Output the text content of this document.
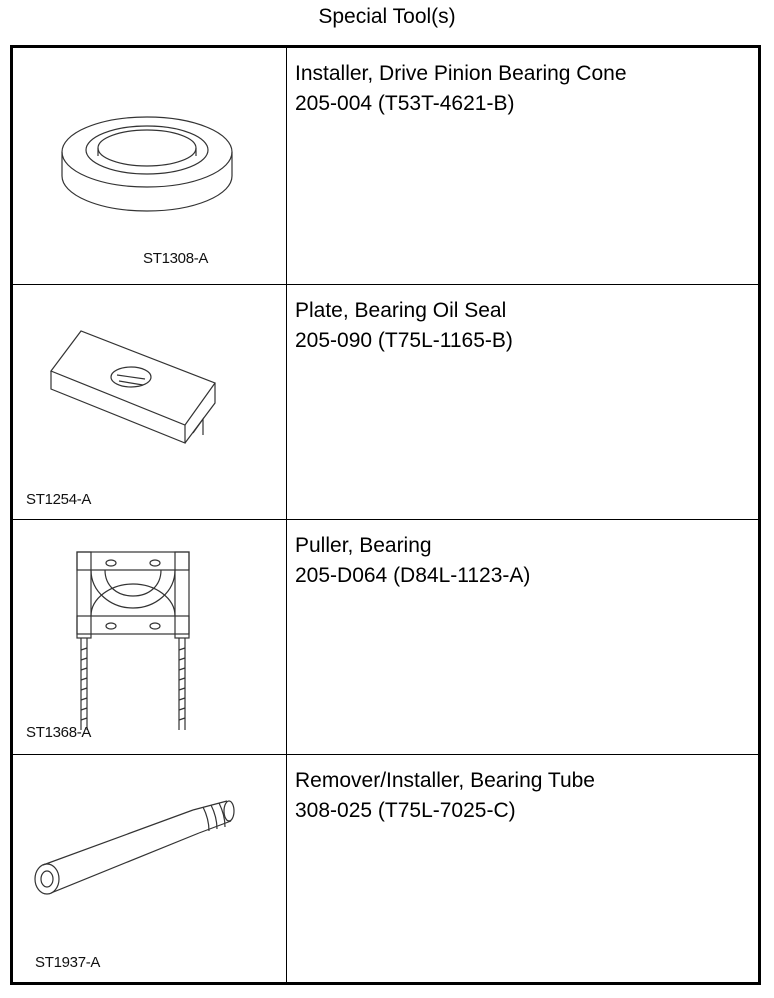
Special Tool(s)
ST1308-A
Installer, Drive Pinion Bearing Cone
205-004 (T53T-4621-B)
ST1254-A
Plate, Bearing Oil Seal
205-090 (T75L-1165-B)
ST1368-A
Puller, Bearing
205-D064 (D84L-1123-A)
ST1937-A
Remover/Installer, Bearing Tube
308-025 (T75L-7025-C)
